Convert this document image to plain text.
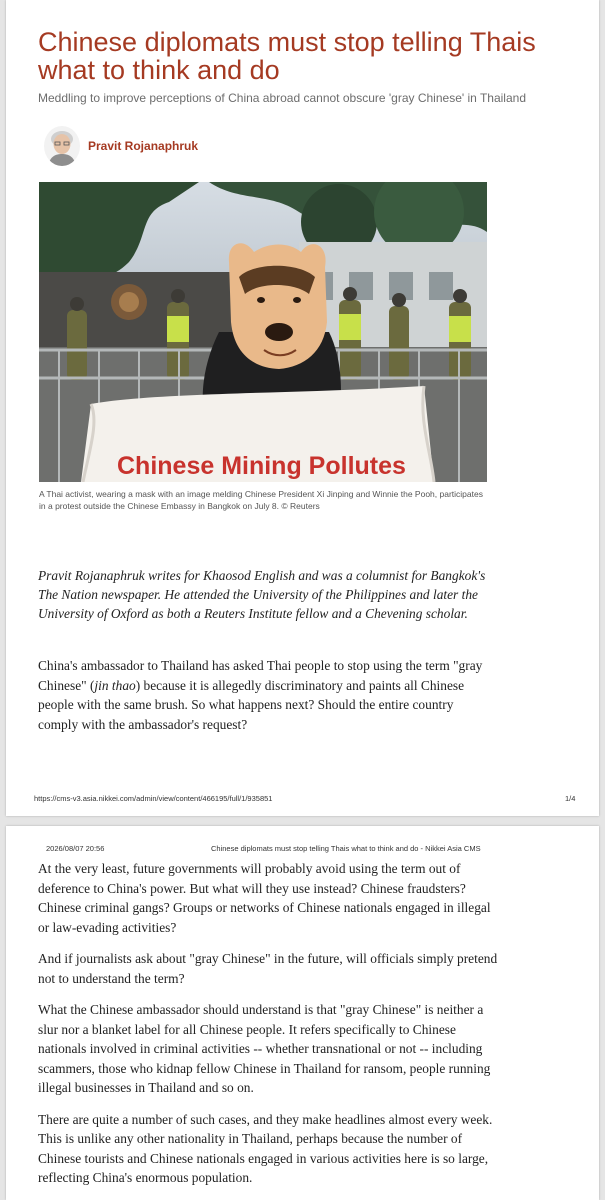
Chinese diplomats must stop telling Thais what to think and do

Meddling to improve perceptions of China abroad cannot obscure 'gray Chinese' in Thailand

Pravit Rojanaphruk
Chinese Mining Pollutes

A Thai activist, wearing a mask with an image melding Chinese President Xi Jinping and Winnie the Pooh, participates in a protest outside the Chinese Embassy in Bangkok on July 8. © Reuters

Pravit Rojanaphruk writes for Khaosod English and was a columnist for Bangkok's The Nation newspaper. He attended the University of the Philippines and later the University of Oxford as both a Reuters Institute fellow and a Chevening scholar.

China's ambassador to Thailand has asked Thai people to stop using the term "gray Chinese" (jin thao) because it is allegedly discriminatory and paints all Chinese people with the same brush. So what happens next? Should the entire country comply with the ambassador's request?

https://cms-v3.asia.nikkei.com/admin/view/content/466195/full/1/935851	1/4
2026/08/07 20:56	Chinese diplomats must stop telling Thais what to think and do - Nikkei Asia CMS

At the very least, future governments will probably avoid using the term out of deference to China's power. But what will they use instead? Chinese fraudsters? Chinese criminal gangs? Groups or networks of Chinese nationals engaged in illegal or law-evading activities?

And if journalists ask about "gray Chinese" in the future, will officials simply pretend not to understand the term?

What the Chinese ambassador should understand is that "gray Chinese" is neither a slur nor a blanket label for all Chinese people. It refers specifically to Chinese nationals involved in criminal activities -- whether transnational or not -- including scammers, those who kidnap fellow Chinese in Thailand for ransom, people running illegal businesses in Thailand and so on.

There are quite a number of such cases, and they make headlines almost every week. This is unlike any other nationality in Thailand, perhaps because the number of Chinese tourists and Chinese nationals engaged in various activities here is so large, reflecting China's enormous population.
